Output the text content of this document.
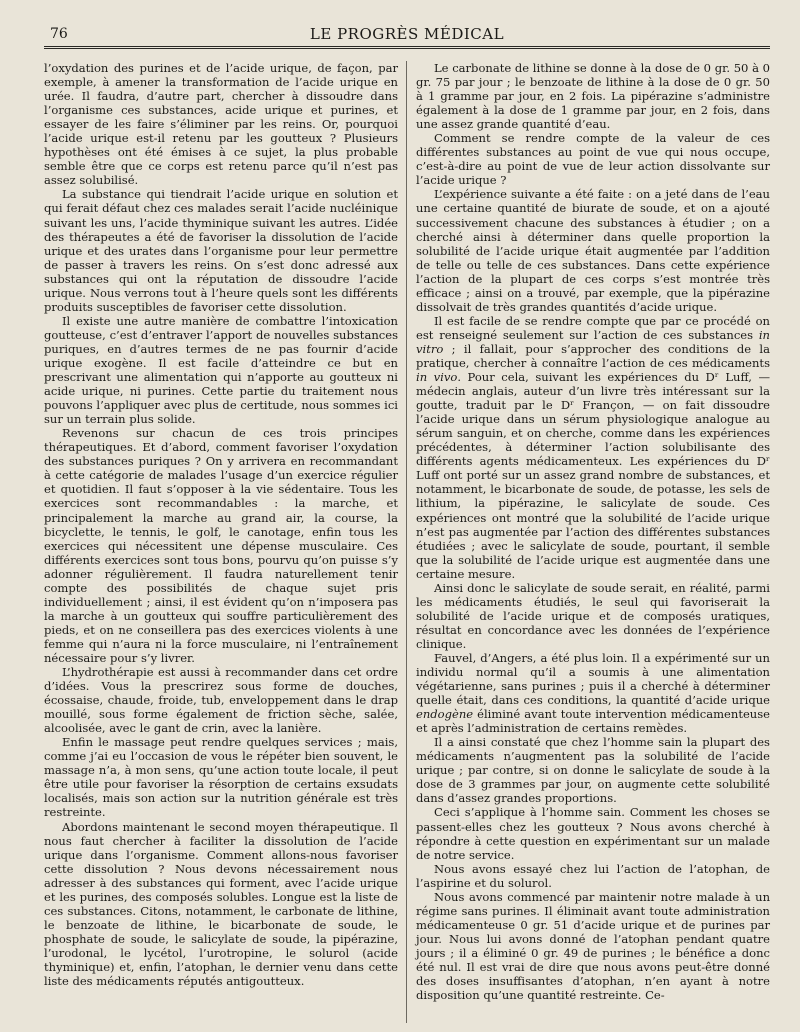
76	LE PROGRÈS MÉDICAL

l’oxydation des purines et de l’acide urique, de façon, par exemple, à amener la transformation de l’acide urique en urée. Il faudra, d’autre part, chercher à dissoudre dans l’organisme ces substances, acide urique et purines, et essayer de les faire s’éliminer par les reins. Or, pourquoi l’acide urique est-il retenu par les goutteux ? Plusieurs hypothèses ont été émises à ce sujet, la plus probable semble être que ce corps est retenu parce qu’il n’est pas assez solubilisé.

La substance qui tiendrait l’acide urique en solution et qui ferait défaut chez ces malades serait l’acide nucléinique suivant les uns, l’acide thyminique suivant les autres. L’idée des thérapeutes a été de favoriser la dissolution de l’acide urique et des urates dans l’organisme pour leur permettre de passer à travers les reins. On s’est donc adressé aux substances qui ont la réputation de dissoudre l’acide urique. Nous verrons tout à l’heure quels sont les différents produits susceptibles de favoriser cette dissolution.

Il existe une autre manière de combattre l’intoxication goutteuse, c’est d’entraver l’apport de nouvelles substances puriques, en d’autres termes de ne pas fournir d’acide urique exogène. Il est facile d’atteindre ce but en prescrivant une alimentation qui n’apporte au goutteux ni acide urique, ni purines. Cette partie du traitement nous pouvons l’appliquer avec plus de certitude, nous sommes ici sur un terrain plus solide.

Revenons sur chacun de ces trois principes thérapeutiques. Et d’abord, comment favoriser l’oxydation des substances puriques ? On y arrivera en recommandant à cette catégorie de malades l’usage d’un exercice régulier et quotidien. Il faut s’opposer à la vie sédentaire. Tous les exercices sont recommandables : la marche, et principalement la marche au grand air, la course, la bicyclette, le tennis, le golf, le canotage, enfin tous les exercices qui nécessitent une dépense musculaire. Ces différents exercices sont tous bons, pourvu qu’on puisse s’y adonner régulièrement. Il faudra naturellement tenir compte des possibilités de chaque sujet pris individuellement ; ainsi, il est évident qu’on n’imposera pas la marche à un goutteux qui souffre particulièrement des pieds, et on ne conseillera pas des exercices violents à une femme qui n’aura ni la force musculaire, ni l’entraînement nécessaire pour s’y livrer.

L’hydrothérapie est aussi à recommander dans cet ordre d’idées. Vous la prescrirez sous forme de douches, écossaise, chaude, froide, tub, enveloppement dans le drap mouillé, sous forme également de friction sèche, salée, alcoolisée, avec le gant de crin, avec la lanière.

Enfin le massage peut rendre quelques services ; mais, comme j’ai eu l’occasion de vous le répéter bien souvent, le massage n’a, à mon sens, qu’une action toute locale, il peut être utile pour favoriser la résorption de certains exsudats localisés, mais son action sur la nutrition générale est très restreinte.

Abordons maintenant le second moyen thérapeutique. Il nous faut chercher à faciliter la dissolution de l’acide urique dans l’organisme. Comment allons-nous favoriser cette dissolution ? Nous devons nécessairement nous adresser à des substances qui forment, avec l’acide urique et les purines, des composés solubles. Longue est la liste de ces substances. Citons, notamment, le carbonate de lithine, le benzoate de lithine, le bicarbonate de soude, le phosphate de soude, le salicylate de soude, la pipérazine, l’urodonal, le lycétol, l’urotropine, le solurol (acide thyminique) et, enfin, l’atophan, le dernier venu dans cette liste des médicaments réputés antigoutteux.

Le carbonate de lithine se donne à la dose de 0 gr. 50 à 0 gr. 75 par jour ; le benzoate de lithine à la dose de 0 gr. 50 à 1 gramme par jour, en 2 fois. La pipérazine s’administre également à la dose de 1 gramme par jour, en 2 fois, dans une assez grande quantité d’eau.

Comment se rendre compte de la valeur de ces différentes substances au point de vue qui nous occupe, c’est-à-dire au point de vue de leur action dissolvante sur l’acide urique ?

L’expérience suivante a été faite : on a jeté dans de l’eau une certaine quantité de biurate de soude, et on a ajouté successivement chacune des substances à étudier ; on a cherché ainsi à déterminer dans quelle proportion la solubilité de l’acide urique était augmentée par l’addition de telle ou telle de ces substances. Dans cette expérience l’action de la plupart de ces corps s’est montrée très efficace ; ainsi on a trouvé, par exemple, que la pipérazine dissolvait de très grandes quantités d’acide urique.

Il est facile de se rendre compte que par ce procédé on est renseigné seulement sur l’action de ces substances in vitro ; il fallait, pour s’approcher des conditions de la pratique, chercher à connaître l’action de ces médicaments in vivo. Pour cela, suivant les expériences du Dʳ Luff, — médecin anglais, auteur d’un livre très intéressant sur la goutte, traduit par le Dʳ Françon, — on fait dissoudre l’acide urique dans un sérum physiologique analogue au sérum sanguin, et on cherche, comme dans les expériences précédentes, à déterminer l’action solubilisante des différents agents médicamenteux. Les expériences du Dʳ Luff ont porté sur un assez grand nombre de substances, et notamment, le bicarbonate de soude, de potasse, les sels de lithium, la pipérazine, le salicylate de soude. Ces expériences ont montré que la solubilité de l’acide urique n’est pas augmentée par l’action des différentes substances étudiées ; avec le salicylate de soude, pourtant, il semble que la solubilité de l’acide urique est augmentée dans une certaine mesure.

Ainsi donc le salicylate de soude serait, en réalité, parmi les médicaments étudiés, le seul qui favoriserait la solubilité de l’acide urique et de composés uratiques, résultat en concordance avec les données de l’expérience clinique.

Fauvel, d’Angers, a été plus loin. Il a expérimenté sur un individu normal qu’il a soumis à une alimentation végétarienne, sans purines ; puis il a cherché à déterminer quelle était, dans ces conditions, la quantité d’acide urique endogène éliminé avant toute intervention médicamenteuse et après l’administration de certains remèdes.

Il a ainsi constaté que chez l’homme sain la plupart des médicaments n’augmentent pas la solubilité de l’acide urique ; par contre, si on donne le salicylate de soude à la dose de 3 grammes par jour, on augmente cette solubilité dans d’assez grandes proportions.

Ceci s’applique à l’homme sain. Comment les choses se passent-elles chez les goutteux ? Nous avons cherché à répondre à cette question en expérimentant sur un malade de notre service.

Nous avons essayé chez lui l’action de l’atophan, de l’aspirine et du solurol.

Nous avons commencé par maintenir notre malade à un régime sans purines. Il éliminait avant toute administration médicamenteuse 0 gr. 51 d’acide urique et de purines par jour. Nous lui avons donné de l’atophan pendant quatre jours ; il a éliminé 0 gr. 49 de purines ; le bénéfice a donc été nul. Il est vrai de dire que nous avons peut-être donné des doses insuffisantes d’atophan, n’en ayant à notre disposition qu’une quantité restreinte. Ce-
